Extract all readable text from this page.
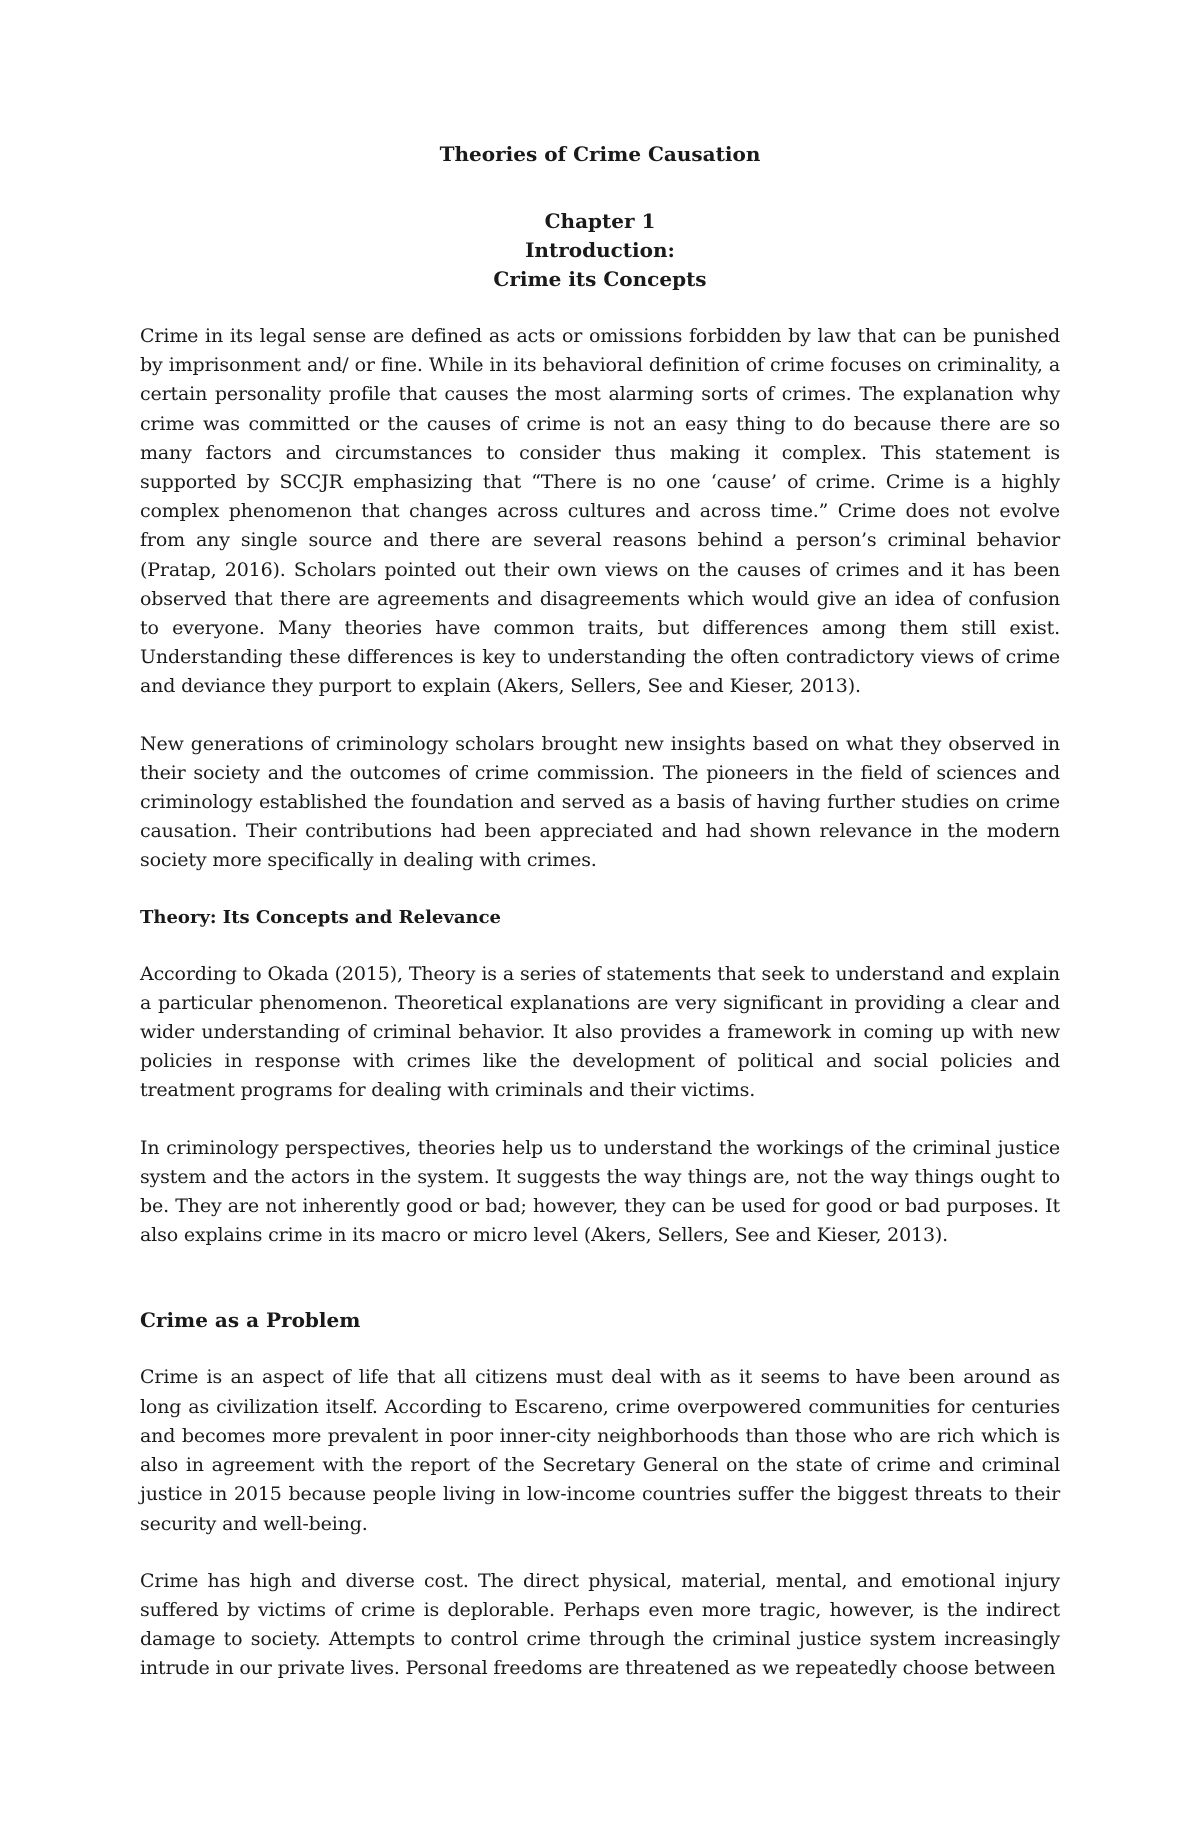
Theories of Crime Causation
Chapter 1
Introduction:
Crime its Concepts

Crime in its legal sense are defined as acts or omissions forbidden by law that can be punished by imprisonment and/ or fine. While in its behavioral definition of crime focuses on criminality, a certain personality profile that causes the most alarming sorts of crimes. The explanation why crime was committed or the causes of crime is not an easy thing to do because there are so many factors and circumstances to consider thus making it complex. This statement is supported by SCCJR emphasizing that “There is no one ‘cause’ of crime. Crime is a highly complex phenomenon that changes across cultures and across time.” Crime does not evolve from any single source and there are several reasons behind a person’s criminal behavior (Pratap, 2016). Scholars pointed out their own views on the causes of crimes and it has been observed that there are agreements and disagreements which would give an idea of confusion to everyone. Many theories have common traits, but differences among them still exist. Understanding these differences is key to understanding the often contradictory views of crime and deviance they purport to explain (Akers, Sellers, See and Kieser, 2013).

New generations of criminology scholars brought new insights based on what they observed in their society and the outcomes of crime commission. The pioneers in the field of sciences and criminology established the foundation and served as a basis of having further studies on crime causation. Their contributions had been appreciated and had shown relevance in the modern society more specifically in dealing with crimes.

Theory: Its Concepts and Relevance

According to Okada (2015), Theory is a series of statements that seek to understand and explain a particular phenomenon. Theoretical explanations are very significant in providing a clear and wider understanding of criminal behavior. It also provides a framework in coming up with new policies in response with crimes like the development of political and social policies and treatment programs for dealing with criminals and their victims.

In criminology perspectives, theories help us to understand the workings of the criminal justice system and the actors in the system. It suggests the way things are, not the way things ought to be. They are not inherently good or bad; however, they can be used for good or bad purposes. It also explains crime in its macro or micro level (Akers, Sellers, See and Kieser, 2013).

Crime as a Problem

Crime is an aspect of life that all citizens must deal with as it seems to have been around as long as civilization itself. According to Escareno, crime overpowered communities for centuries and becomes more prevalent in poor inner-city neighborhoods than those who are rich which is also in agreement with the report of the Secretary General on the state of crime and criminal justice in 2015 because people living in low-income countries suffer the biggest threats to their security and well-being.

Crime has high and diverse cost. The direct physical, material, mental, and emotional injury suffered by victims of crime is deplorable. Perhaps even more tragic, however, is the indirect damage to society. Attempts to control crime through the criminal justice system increasingly intrude in our private lives. Personal freedoms are threatened as we repeatedly choose between
